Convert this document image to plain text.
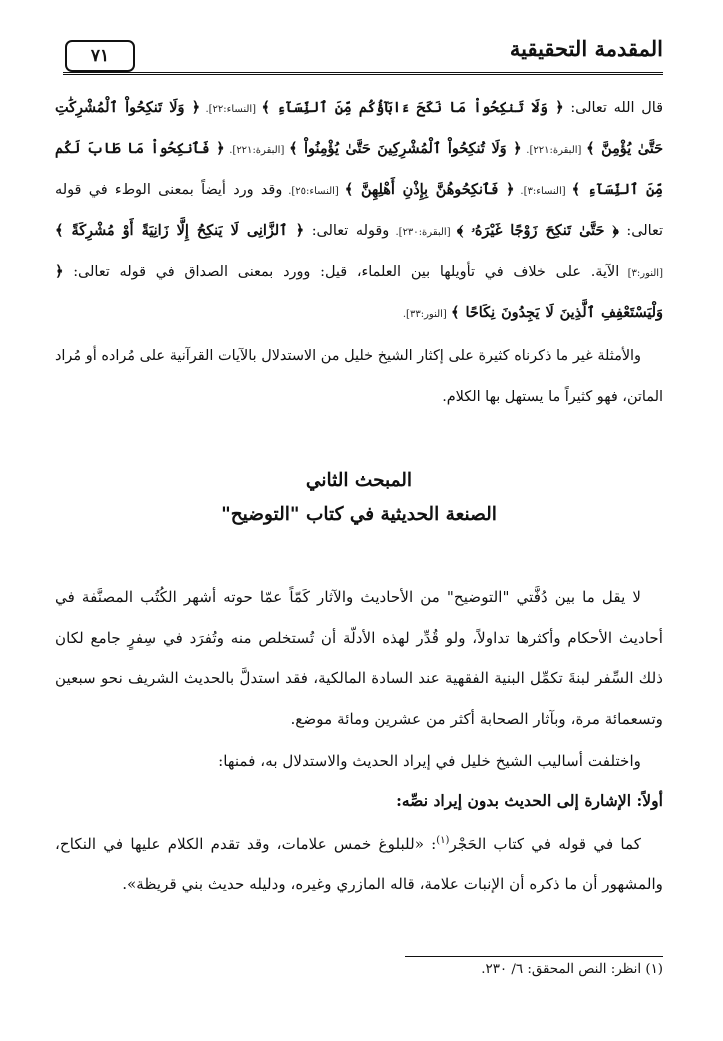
المقدمة التحقيقية
٧١

قال الله تعالى: ﴿ وَلَا تَنكِحُواْ مَا نَكَحَ ءَابَآؤُكُم مِّنَ ٱلنِّسَآءِ ﴾ [النساء:٢٢]. ﴿ وَلَا تَنكِحُواْ ٱلْمُشْرِكَٰتِ حَتَّىٰ يُؤْمِنَّ ﴾ [البقرة:٢٢١]. ﴿ وَلَا تُنكِحُواْ ٱلْمُشْرِكِينَ حَتَّىٰ يُؤْمِنُواْ ﴾ [البقرة:٢٢١]. ﴿ فَٱنكِحُواْ مَا طَابَ لَكُم مِّنَ ٱلنِّسَآءِ ﴾ [النساء:٣]. ﴿ فَٱنكِحُوهُنَّ بِإِذْنِ أَهْلِهِنَّ ﴾ [النساء:٢٥]. وقد ورد أيضاً بمعنى الوطء في قوله تعالى: ﴿ حَتَّىٰ تَنكِحَ زَوْجًا غَيْرَهُۥ ﴾ [البقرة:٢٣٠]. وقوله تعالى: ﴿ ٱلزَّانِى لَا يَنكِحُ إِلَّا زَانِيَةً أَوْ مُشْرِكَةً ﴾ [النور:٣] الآية. على خلاف في تأويلها بين العلماء، قيل: وورد بمعنى الصداق في قوله تعالى: ﴿ وَلْيَسْتَعْفِفِ ٱلَّذِينَ لَا يَجِدُونَ نِكَاحًا ﴾ [النور:٣٣].

والأمثلة غير ما ذكرناه كثيرة على إكثار الشيخ خليل من الاستدلال بالآيات القرآنية على مُراده أو مُراد الماتن، فهو كثيراً ما يستهل بها الكلام.

المبحث الثاني

الصنعة الحديثية في كتاب "التوضيح"

لا يقل ما بين دُفَّتي "التوضيح" من الأحاديث والآثار كَمّاً عمّا حوته أشهر الكُتُب المصنَّفة في أحاديث الأحكام وأكثرها تداولاً، ولو قُدِّر لهذه الأدلّة أن تُستخلص منه وتُفرَد في سِفرٍ جامع لكان ذلك السِّفر لبنةَ تكمِّل البنية الفقهية عند السادة المالكية، فقد استدلَّ بالحديث الشريف نحو سبعين وتسعمائة مرة، وبآثار الصحابة أكثر من عشرين ومائة موضع.

واختلفت أساليب الشيخ خليل في إيراد الحديث والاستدلال به، فمنها:

أولاً: الإشارة إلى الحديث بدون إيراد نصِّه:

كما في قوله في كتاب الحَجْر$^{(١)}$: «للبلوغ خمس علامات، وقد تقدم الكلام عليها في النكاح، والمشهور أن ما ذكره أن الإنبات علامة، قاله المازري وغيره، ودليله حديث بني قريظة».

(١) انظر: النص المحقق: ٦/ ٢٣٠.
